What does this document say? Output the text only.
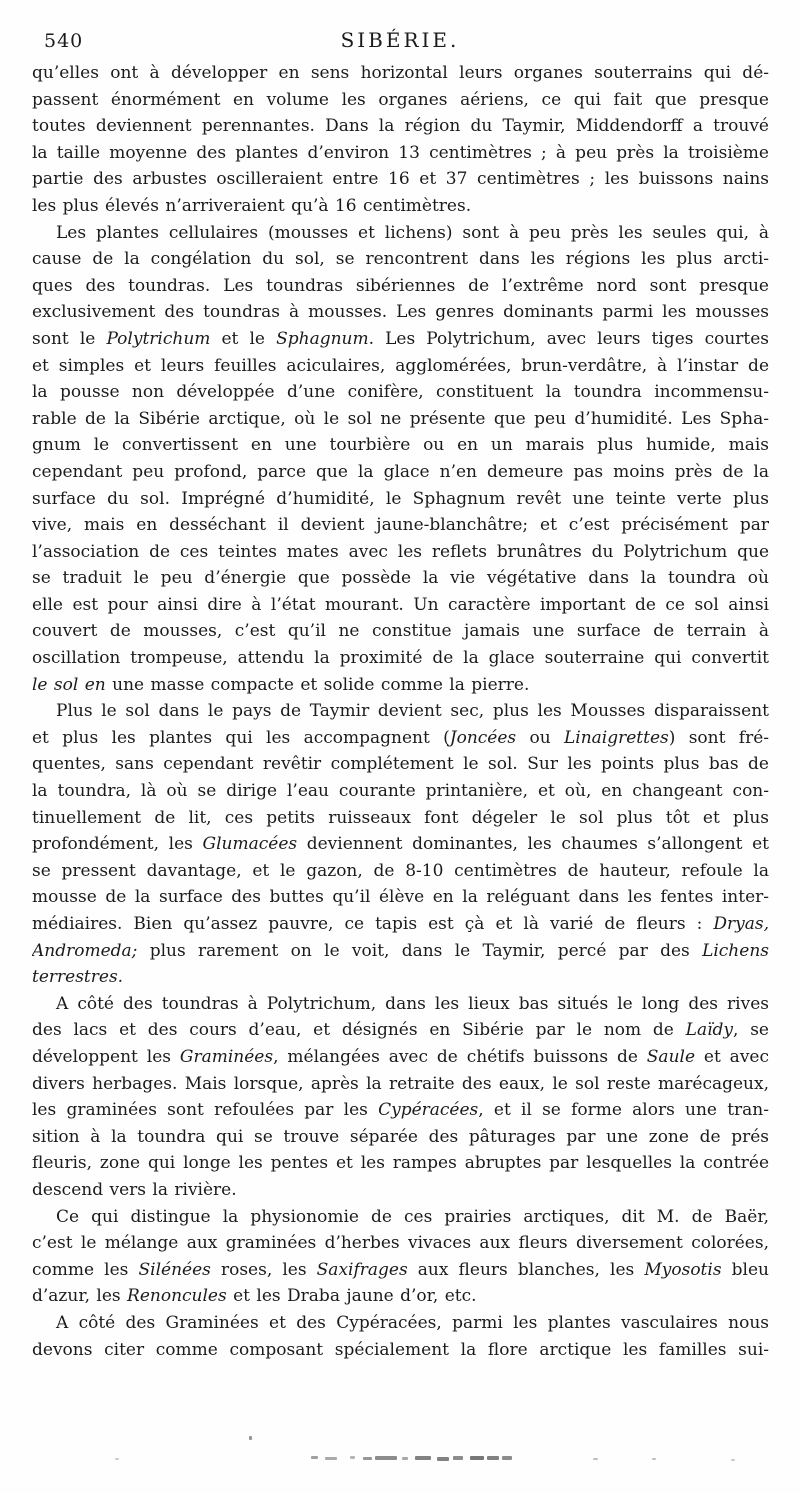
540	SIBÉRIE.
qu’elles ont à développer en sens horizontal leurs organes souterrains qui dé-
passent énormément en volume les organes aériens, ce qui fait que presque
toutes deviennent perennantes. Dans la région du Taymir, Middendorff a trouvé
la taille moyenne des plantes d’environ 13 centimètres ; à peu près la troisième
partie des arbustes oscilleraient entre 16 et 37 centimètres ; les buissons nains
les plus élevés n’arriveraient qu’à 16 centimètres.
Les plantes cellulaires (mousses et lichens) sont à peu près les seules qui, à
cause de la congélation du sol, se rencontrent dans les régions les plus arcti-
ques des toundras. Les toundras sibériennes de l’extrême nord sont presque
exclusivement des toundras à mousses. Les genres dominants parmi les mousses
sont le Polytrichum et le Sphagnum. Les Polytrichum, avec leurs tiges courtes
et simples et leurs feuilles aciculaires, agglomérées, brun-verdâtre, à l’instar de
la pousse non développée d’une conifère, constituent la toundra incommensu-
rable de la Sibérie arctique, où le sol ne présente que peu d’humidité. Les Spha-
gnum le convertissent en une tourbière ou en un marais plus humide, mais
cependant peu profond, parce que la glace n’en demeure pas moins près de la
surface du sol. Imprégné d’humidité, le Sphagnum revêt une teinte verte plus
vive, mais en desséchant il devient jaune-blanchâtre; et c’est précisément par
l’association de ces teintes mates avec les reflets brunâtres du Polytrichum que
se traduit le peu d’énergie que possède la vie végétative dans la toundra où
elle est pour ainsi dire à l’état mourant. Un caractère important de ce sol ainsi
couvert de mousses, c’est qu’il ne constitue jamais une surface de terrain à
oscillation trompeuse, attendu la proximité de la glace souterraine qui convertit
le sol en une masse compacte et solide comme la pierre.
Plus le sol dans le pays de Taymir devient sec, plus les Mousses disparaissent
et plus les plantes qui les accompagnent (Joncées ou Linaigrettes) sont fré-
quentes, sans cependant revêtir complétement le sol. Sur les points plus bas de
la toundra, là où se dirige l’eau courante printanière, et où, en changeant con-
tinuellement de lit, ces petits ruisseaux font dégeler le sol plus tôt et plus
profondément, les Glumacées deviennent dominantes, les chaumes s’allongent et
se pressent davantage, et le gazon, de 8-10 centimètres de hauteur, refoule la
mousse de la surface des buttes qu’il élève en la reléguant dans les fentes inter-
médiaires. Bien qu’assez pauvre, ce tapis est çà et là varié de fleurs : Dryas,
Andromeda; plus rarement on le voit, dans le Taymir, percé par des Lichens
terrestres.
A côté des toundras à Polytrichum, dans les lieux bas situés le long des rives
des lacs et des cours d’eau, et désignés en Sibérie par le nom de Laïdy, se
développent les Graminées, mélangées avec de chétifs buissons de Saule et avec
divers herbages. Mais lorsque, après la retraite des eaux, le sol reste marécageux,
les graminées sont refoulées par les Cypéracées, et il se forme alors une tran-
sition à la toundra qui se trouve séparée des pâturages par une zone de prés
fleuris, zone qui longe les pentes et les rampes abruptes par lesquelles la contrée
descend vers la rivière.
Ce qui distingue la physionomie de ces prairies arctiques, dit M. de Baër,
c’est le mélange aux graminées d’herbes vivaces aux fleurs diversement colorées,
comme les Silénées roses, les Saxifrages aux fleurs blanches, les Myosotis bleu
d’azur, les Renoncules et les Draba jaune d’or, etc.
A côté des Graminées et des Cypéracées, parmi les plantes vasculaires nous
devons citer comme composant spécialement la flore arctique les familles sui-
